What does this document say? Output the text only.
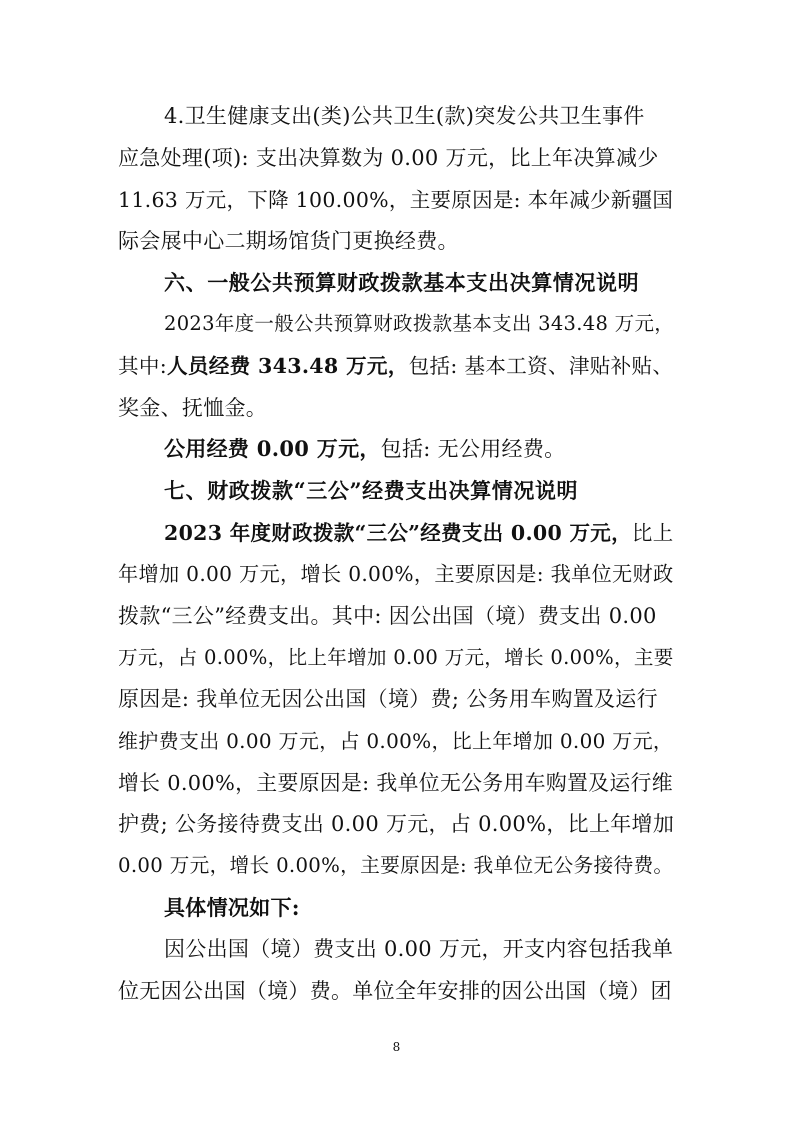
4.卫生健康支出(类)公共卫生(款)突发公共卫生事件
应急处理(项): 支出决算数为 0.00 万元，比上年决算减少
11.63 万元，下降 100.00%，主要原因是: 本年减少新疆国
际会展中心二期场馆货门更换经费。
六、一般公共预算财政拨款基本支出决算情况说明
2023年度一般公共预算财政拨款基本支出 343.48 万元，
其中:人员经费 343.48 万元，包括: 基本工资、津贴补贴、
奖金、抚恤金。
公用经费 0.00 万元，包括: 无公用经费。
七、财政拨款“三公”经费支出决算情况说明
2023 年度财政拨款“三公”经费支出 0.00 万元，比上
年增加 0.00 万元，增长 0.00%，主要原因是: 我单位无财政
拨款“三公”经费支出。其中: 因公出国（境）费支出 0.00
万元，占 0.00%，比上年增加 0.00 万元，增长 0.00%，主要
原因是: 我单位无因公出国（境）费; 公务用车购置及运行
维护费支出 0.00 万元，占 0.00%，比上年增加 0.00 万元，
增长 0.00%，主要原因是: 我单位无公务用车购置及运行维
护费; 公务接待费支出 0.00 万元，占 0.00%，比上年增加
0.00 万元，增长 0.00%，主要原因是: 我单位无公务接待费。
具体情况如下:
因公出国（境）费支出 0.00 万元，开支内容包括我单
位无因公出国（境）费。单位全年安排的因公出国（境）团
8
